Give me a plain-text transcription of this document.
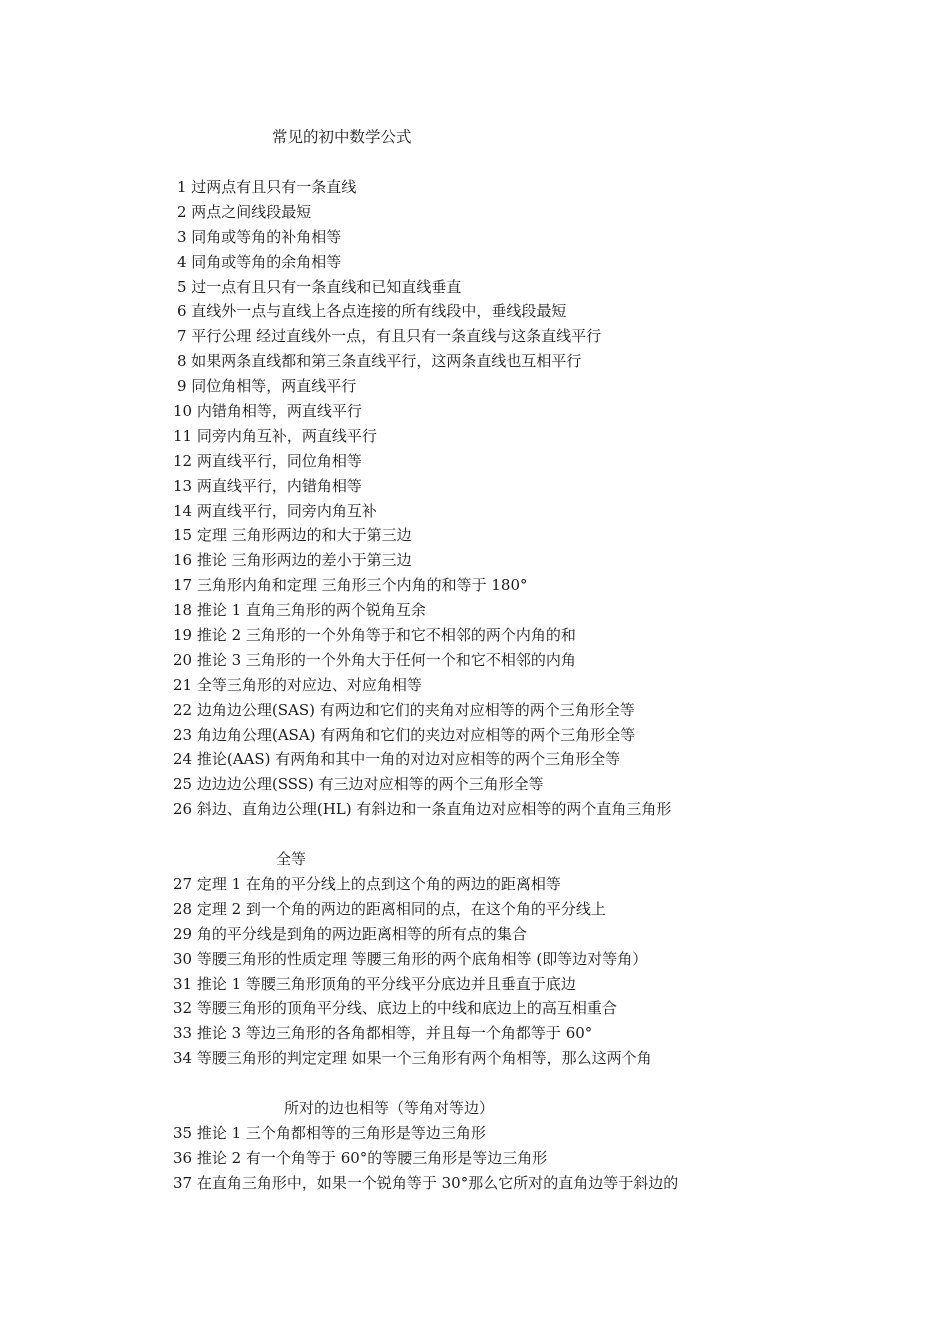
常见的初中数学公式
1 过两点有且只有一条直线
2 两点之间线段最短
3 同角或等角的补角相等
4 同角或等角的余角相等
5 过一点有且只有一条直线和已知直线垂直
6 直线外一点与直线上各点连接的所有线段中，垂线段最短
7 平行公理 经过直线外一点，有且只有一条直线与这条直线平行
8 如果两条直线都和第三条直线平行，这两条直线也互相平行
9 同位角相等，两直线平行
10 内错角相等，两直线平行
11 同旁内角互补，两直线平行
12 两直线平行，同位角相等
13 两直线平行，内错角相等
14 两直线平行，同旁内角互补
15 定理 三角形两边的和大于第三边
16 推论 三角形两边的差小于第三边
17 三角形内角和定理 三角形三个内角的和等于 180°
18 推论 1 直角三角形的两个锐角互余
19 推论 2 三角形的一个外角等于和它不相邻的两个内角的和
20 推论 3 三角形的一个外角大于任何一个和它不相邻的内角
21 全等三角形的对应边、对应角相等
22 边角边公理(SAS) 有两边和它们的夹角对应相等的两个三角形全等
23 角边角公理(ASA) 有两角和它们的夹边对应相等的两个三角形全等
24 推论(AAS) 有两角和其中一角的对边对应相等的两个三角形全等
25 边边边公理(SSS) 有三边对应相等的两个三角形全等
26 斜边、直角边公理(HL) 有斜边和一条直角边对应相等的两个直角三角形
全等
27 定理 1 在角的平分线上的点到这个角的两边的距离相等
28 定理 2 到一个角的两边的距离相同的点，在这个角的平分线上
29 角的平分线是到角的两边距离相等的所有点的集合
30 等腰三角形的性质定理 等腰三角形的两个底角相等 (即等边对等角）
31 推论 1 等腰三角形顶角的平分线平分底边并且垂直于底边
32 等腰三角形的顶角平分线、底边上的中线和底边上的高互相重合
33 推论 3 等边三角形的各角都相等，并且每一个角都等于 60°
34 等腰三角形的判定定理 如果一个三角形有两个角相等，那么这两个角
所对的边也相等（等角对等边）
35 推论 1 三个角都相等的三角形是等边三角形
36 推论 2 有一个角等于 60°的等腰三角形是等边三角形
37 在直角三角形中，如果一个锐角等于 30°那么它所对的直角边等于斜边的
